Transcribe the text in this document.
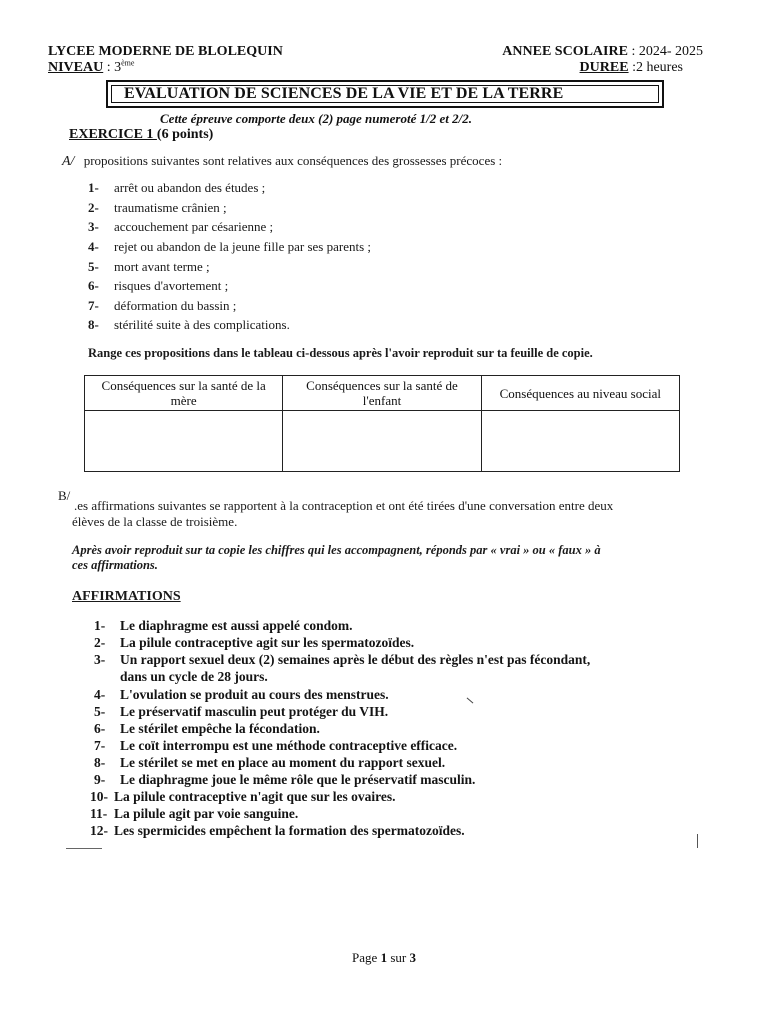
LYCEE MODERNE DE BLOLEQUIN
NIVEAU : 3ème
ANNEE SCOLAIRE : 2024- 2025
DUREE :2 heures
EVALUATION DE SCIENCES DE LA VIE ET DE LA TERRE
Cette épreuve comporte deux (2) page numeroté 1/2 et 2/2.
EXERCICE 1 (6 points)
A/ propositions suivantes sont relatives aux conséquences des grossesses précoces :
1- arrêt ou abandon des études ;
2- traumatisme crânien ;
3- accouchement par césarienne ;
4- rejet ou abandon de la jeune fille par ses parents ;
5- mort avant terme ;
6- risques d'avortement ;
7- déformation du bassin ;
8- stérilité suite à des complications.
Range ces propositions dans le tableau ci-dessous après l'avoir reproduit sur ta feuille de copie.
Conséquences sur la santé de la mère	Conséquences sur la santé de l'enfant	Conséquences au niveau social

B/
.es affirmations suivantes se rapportent à la contraception et ont été tirées d'une conversation entre deux
élèves de la classe de troisième.
Après avoir reproduit sur ta copie les chiffres qui les accompagnent, réponds par « vrai » ou « faux » à
ces affirmations.
AFFIRMATIONS
1- Le diaphragme est aussi appelé condom.
2- La pilule contraceptive agit sur les spermatozoïdes.
3- Un rapport sexuel deux (2) semaines après le début des règles n'est pas fécondant,
dans un cycle de 28 jours.
4- L'ovulation se produit au cours des menstrues.
5- Le préservatif masculin peut protéger du VIH.
6- Le stérilet empêche la fécondation.
7- Le coït interrompu est une méthode contraceptive efficace.
8- Le stérilet se met en place au moment du rapport sexuel.
9- Le diaphragme joue le même rôle que le préservatif masculin.
10- La pilule contraceptive n'agit que sur les ovaires.
11- La pilule agit par voie sanguine.
12- Les spermicides empêchent la formation des spermatozoïdes.
Page 1 sur 3
